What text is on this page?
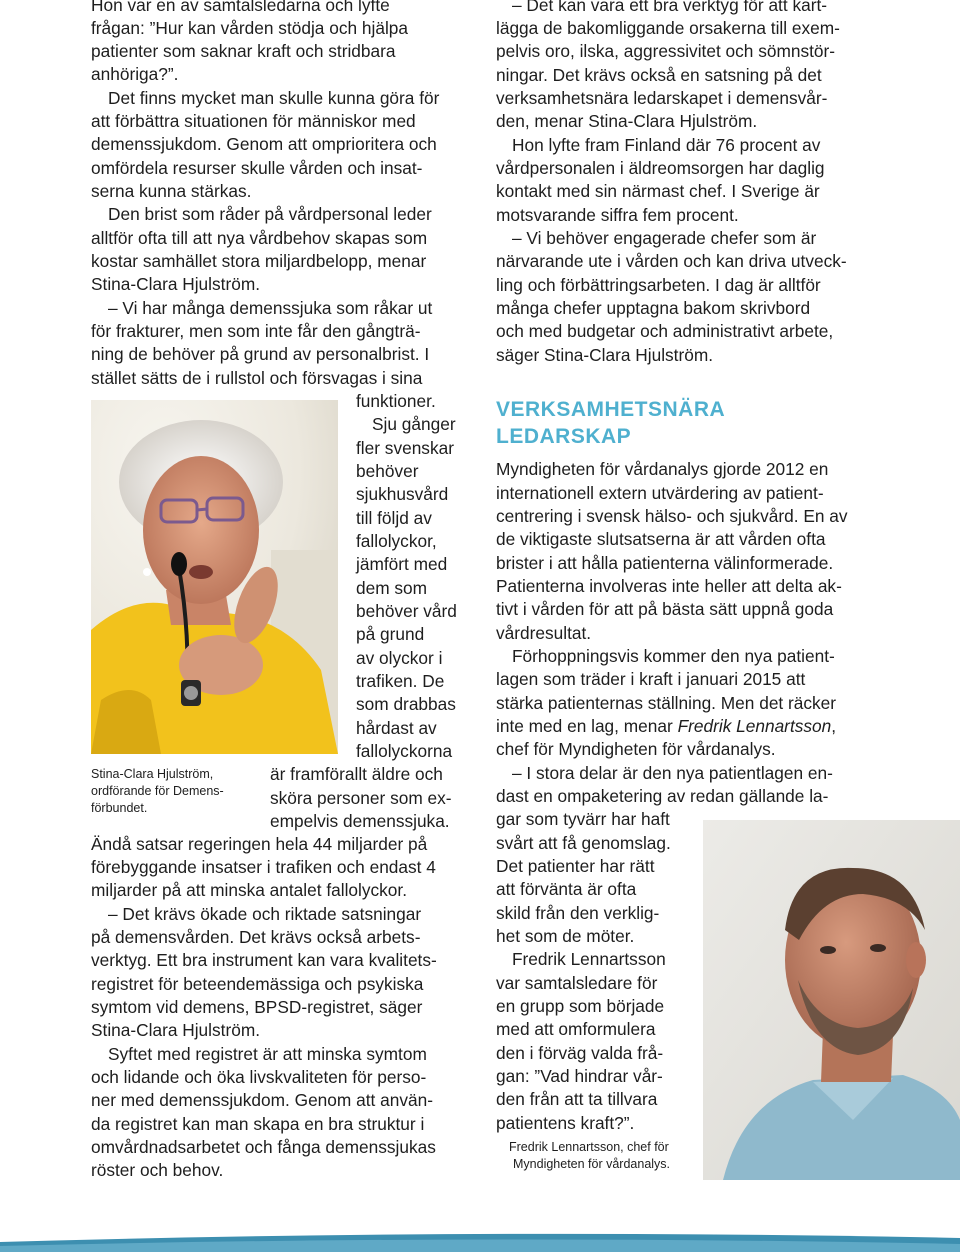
Hon var en av samtalsledarna och lyfte
frågan: ”Hur kan vården stödja och hjälpa
patienter som saknar kraft och stridbara
anhöriga?”.
Det finns mycket man skulle kunna göra för
att förbättra situationen för människor med
demenssjukdom. Genom att omprioritera och
omfördela resurser skulle vården och insat-
serna kunna stärkas.
Den brist som råder på vårdpersonal leder
alltför ofta till att nya vårdbehov skapas som
kostar samhället stora miljardbelopp, menar
Stina-Clara Hjulström.
– Vi har många demenssjuka som råkar ut
för frakturer, men som inte får den gångträ-
ning de behöver på grund av personalbrist. I
stället sätts de i rullstol och försvagas i sina
funktioner.
Sju gånger
fler svenskar
behöver
sjukhusvård
till följd av
fallolyckor,
jämfört med
dem som
behöver vård
på grund
av olyckor i
trafiken. De
som drabbas
hårdast av
fallolyckorna
är framförallt äldre och
sköra personer som ex-
empelvis demenssjuka.
Stina-Clara Hjulström,
ordförande för Demens-
förbundet.
Ändå satsar regeringen hela 44 miljarder på
förebyggande insatser i trafiken och endast 4
miljarder på att minska antalet fallolyckor.
– Det krävs ökade och riktade satsningar
på demensvården. Det krävs också arbets-
verktyg. Ett bra instrument kan vara kvalitets-
registret för beteendemässiga och psykiska
symtom vid demens, BPSD-registret, säger
Stina-Clara Hjulström.
Syftet med registret är att minska symtom
och lidande och öka livskvaliteten för perso-
ner med demenssjukdom. Genom att använ-
da registret kan man skapa en bra struktur i
omvårdnadsarbetet och fånga demenssjukas
röster och behov.
– Det kan vara ett bra verktyg för att kart-
lägga de bakomliggande orsakerna till exem-
pelvis oro, ilska, aggressivitet och sömnstör-
ningar. Det krävs också en satsning på det
verksamhetsnära ledarskapet i demensvår-
den, menar Stina-Clara Hjulström.
Hon lyfte fram Finland där 76 procent av
vårdpersonalen i äldreomsorgen har daglig
kontakt med sin närmast chef. I Sverige är
motsvarande siffra fem procent.
– Vi behöver engagerade chefer som är
närvarande ute i vården och kan driva utveck-
ling och förbättringsarbeten. I dag är alltför
många chefer upptagna bakom skrivbord
och med budgetar och administrativt arbete,
säger Stina-Clara Hjulström.
VERKSAMHETSNÄRA
LEDARSKAP
Myndigheten för vårdanalys gjorde 2012 en
internationell extern utvärdering av patient-
centrering i svensk hälso- och sjukvård. En av
de viktigaste slutsatserna är att vården ofta
brister i att hålla patienterna välinformerade.
Patienterna involveras inte heller att delta ak-
tivt i vården för att på bästa sätt uppnå goda
vårdresultat.
Förhoppningsvis kommer den nya patient-
lagen som träder i kraft i januari 2015 att
stärka patienternas ställning. Men det räcker
inte med en lag, menar Fredrik Lennartsson,
chef för Myndigheten för vårdanalys.
– I stora delar är den nya patientlagen en-
dast en ompaketering av redan gällande la-
gar som tyvärr har haft
svårt att få genomslag.
Det patienter har rätt
att förvänta är ofta
skild från den verklig-
het som de möter.
Fredrik Lennartsson
var samtalsledare för
en grupp som började
med att omformulera
den i förväg valda frå-
gan: ”Vad hindrar vår-
den från att ta tillvara
patientens kraft?”.
Fredrik Lennartsson, chef för
Myndigheten för vårdanalys.
